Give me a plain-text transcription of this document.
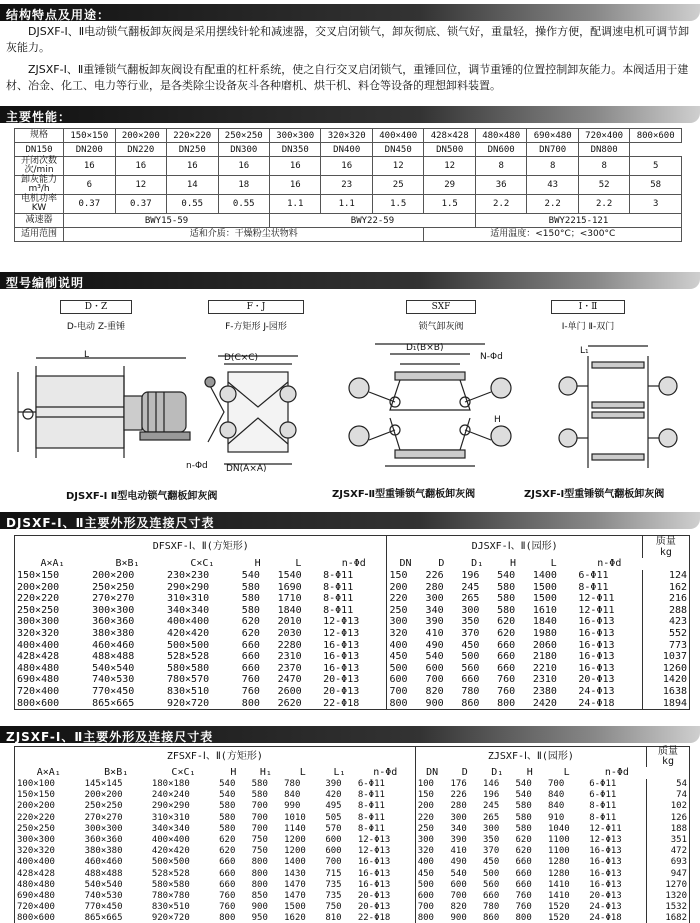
结构特点及用途：
DJSXF-Ⅰ、Ⅱ电动锁气翻板卸灰阀是采用摆线针轮和减速器，交叉启闭锁气，卸灰彻底、锁气好，重量轻，操作方便，配调速电机可调节卸灰能力。
ZJSXF-Ⅰ、Ⅱ重锤锁气翻板卸灰阀设有配重的杠杆系统，使之自行交叉启闭锁气，重锤回位，调节重锤的位置控制卸灰能力。本阀适用于建材、冶金、化工、电力等行业，是各类除尘设备灰斗各种磨机、烘干机、料仓等设备的理想卸料装置。
主要性能：
规格	150×150	200×200	220×220	250×250	300×300	320×320	400×400	428×428	480×480	690×480	720×400	800×600
DN150	DN200	DN220	DN250	DN300	DN350	DN400	DN450	DN500	DN600	DN700	DN800	
开闭次数
次/min	16	16	16	16	16	16	12	12	8	8	8	5
卸灰能力
m³/h	6	12	14	18	16	23	25	29	36	43	52	58
电机功率
KW	0.37	0.37	0.55	0.55	1.1	1.1	1.5	1.5	2.2	2.2	2.2	3
减速器	BWY15-59				BWY22-59				BWY2215-121			
适用范围	适和介质：干燥粉尘状物料							适用温度：<150°C；<300°C				
型号编制说明
D・Z
D-电动 Z-重锤
F・J
F-方矩形 J-园形
SXF
锁气卸灰阀
Ⅰ・Ⅱ
Ⅰ-单门 Ⅱ-双门
L	D(C×C)
DN(A×A)
n-Φd
D₁(B×B)
N-Φd
H
L₁
DJSXF-Ⅰ Ⅱ型电动锁气翻板卸灰阀	ZJSXF-Ⅱ型重锤锁气翻板卸灰阀	ZJSXF-Ⅰ型重锤锁气翻板卸灰阀
DJSXF-Ⅰ、Ⅱ主要外形及连接尺寸表
DFSXF-Ⅰ、Ⅱ(方矩形)						DJSXF-Ⅰ、Ⅱ(园形)						质量
kg
A×A₁	B×B₁	C×C₁	H	L	n-Φd	DN	D	D₁	H	L	n-Φd	
150×150	200×200	230×230	540	1540	8-Φ11	150	226	196	540	1400	6-Φ11	124
200×200	250×250	290×290	580	1690	8-Φ11	200	280	245	580	1500	8-Φ11	162
220×220	270×270	310×310	580	1710	8-Φ11	220	300	265	580	1500	12-Φ11	216
250×250	300×300	340×340	580	1840	8-Φ11	250	340	300	580	1610	12-Φ11	288
300×300	360×360	400×400	620	2010	12-Φ13	300	390	350	620	1840	16-Φ13	423
320×320	380×380	420×420	620	2030	12-Φ13	320	410	370	620	1980	16-Φ13	552
400×400	460×460	500×500	660	2280	16-Φ13	400	490	450	660	2060	16-Φ13	773
428×428	488×488	528×528	660	2310	16-Φ13	450	540	500	660	2180	16-Φ13	1037
480×480	540×540	580×580	660	2370	16-Φ13	500	600	560	660	2210	16-Φ13	1260
690×480	740×530	780×570	760	2470	20-Φ13	600	700	660	760	2310	20-Φ13	1420
720×400	770×450	830×510	760	2600	20-Φ13	700	820	780	760	2380	24-Φ13	1638
800×600	865×665	920×720	800	2620	22-Φ18	800	900	860	800	2420	24-Φ18	1894
ZJSXF-Ⅰ、Ⅱ主要外形及连接尺寸表
ZFSXF-Ⅰ、Ⅱ(方矩形)								ZJSXF-Ⅰ、Ⅱ(园形)						质量
kg
A×A₁	B×B₁	C×C₁	H	H₁	L	L₁	n-Φd	DN	D	D₁	H	L	n-Φd	
100×100	145×145	180×180	540	580	780	390	6-Φ11	100	176	146	540	700	6-Φ11	54
150×150	200×200	240×240	540	580	840	420	8-Φ11	150	226	196	540	840	6-Φ11	74
200×200	250×250	290×290	580	700	990	495	8-Φ11	200	280	245	580	840	8-Φ11	102
220×220	270×270	310×310	580	700	1010	505	8-Φ11	220	300	265	580	910	8-Φ11	126
250×250	300×300	340×340	580	700	1140	570	8-Φ11	250	340	300	580	1040	12-Φ11	188
300×300	360×360	400×400	620	750	1200	600	12-Φ13	300	390	350	620	1100	12-Φ13	351
320×320	380×380	420×420	620	750	1200	600	12-Φ13	320	410	370	620	1100	16-Φ13	472
400×400	460×460	500×500	660	800	1400	700	16-Φ13	400	490	450	660	1280	16-Φ13	693
428×428	488×488	528×528	660	800	1430	715	16-Φ13	450	540	500	660	1280	16-Φ13	947
480×480	540×540	580×580	660	800	1470	735	16-Φ13	500	600	560	660	1410	16-Φ13	1270
690×480	740×530	780×780	760	850	1470	735	20-Φ13	600	700	660	760	1410	20-Φ13	1320
720×400	770×450	830×510	760	900	1500	750	20-Φ13	700	820	780	760	1520	24-Φ13	1532
800×600	865×665	920×720	800	950	1620	810	22-Φ18	800	900	860	800	1520	24-Φ18	1682
